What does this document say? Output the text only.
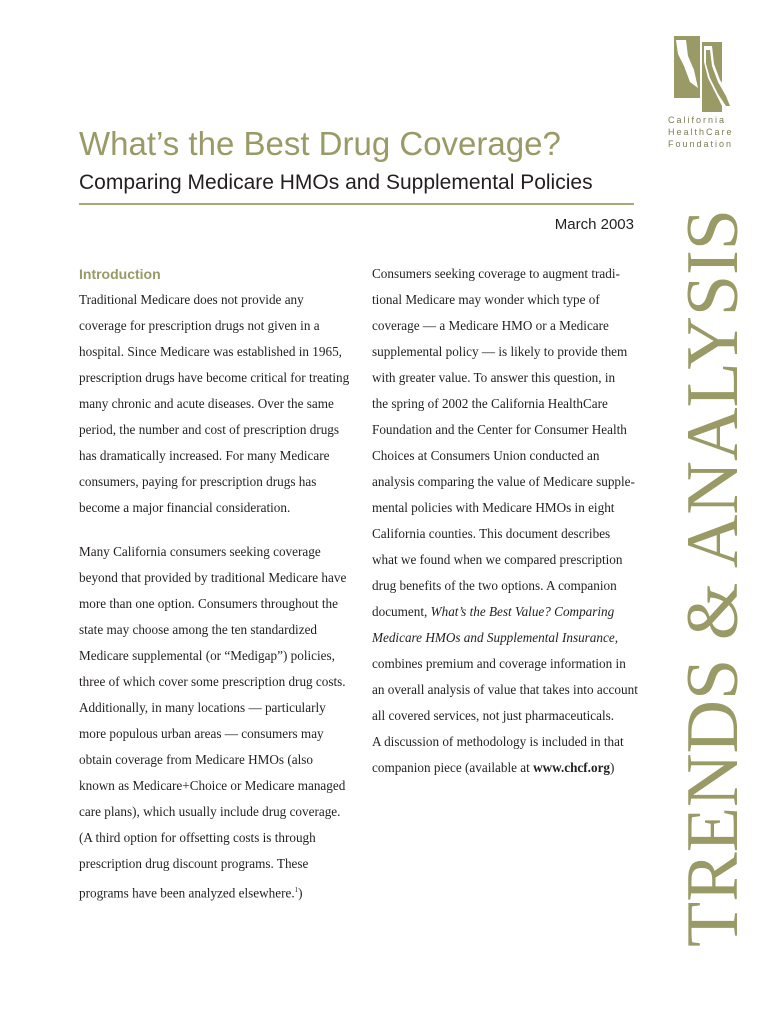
California
HealthCare
Foundation
What’s the Best Drug Coverage?
Comparing Medicare HMOs and Supplemental Policies
March 2003
Introduction

Traditional Medicare does not provide any
coverage for prescription drugs not given in a
hospital. Since Medicare was established in 1965,
prescription drugs have become critical for treating
many chronic and acute diseases. Over the same
period, the number and cost of prescription drugs
has dramatically increased. For many Medicare
consumers, paying for prescription drugs has
become a major financial consideration.

Many California consumers seeking coverage
beyond that provided by traditional Medicare have
more than one option. Consumers throughout the
state may choose among the ten standardized
Medicare supplemental (or “Medigap”) policies,
three of which cover some prescription drug costs.
Additionally, in many locations — particularly
more populous urban areas — consumers may
obtain coverage from Medicare HMOs (also
known as Medicare+Choice or Medicare managed
care plans), which usually include drug coverage.
(A third option for offsetting costs is through
prescription drug discount programs. These
programs have been analyzed elsewhere.$^1$)

Consumers seeking coverage to augment tradi-
tional Medicare may wonder which type of
coverage — a Medicare HMO or a Medicare
supplemental policy — is likely to provide them
with greater value. To answer this question, in
the spring of 2002 the California HealthCare
Foundation and the Center for Consumer Health
Choices at Consumers Union conducted an
analysis comparing the value of Medicare supple-
mental policies with Medicare HMOs in eight
California counties. This document describes
what we found when we compared prescription
drug benefits of the two options. A companion
document, What’s the Best Value? Comparing
Medicare HMOs and Supplemental Insurance,
combines premium and coverage information in
an overall analysis of value that takes into account
all covered services, not just pharmaceuticals.
A discussion of methodology is included in that
companion piece (available at www.chcf.org) TRENDS & ANALYSIS
